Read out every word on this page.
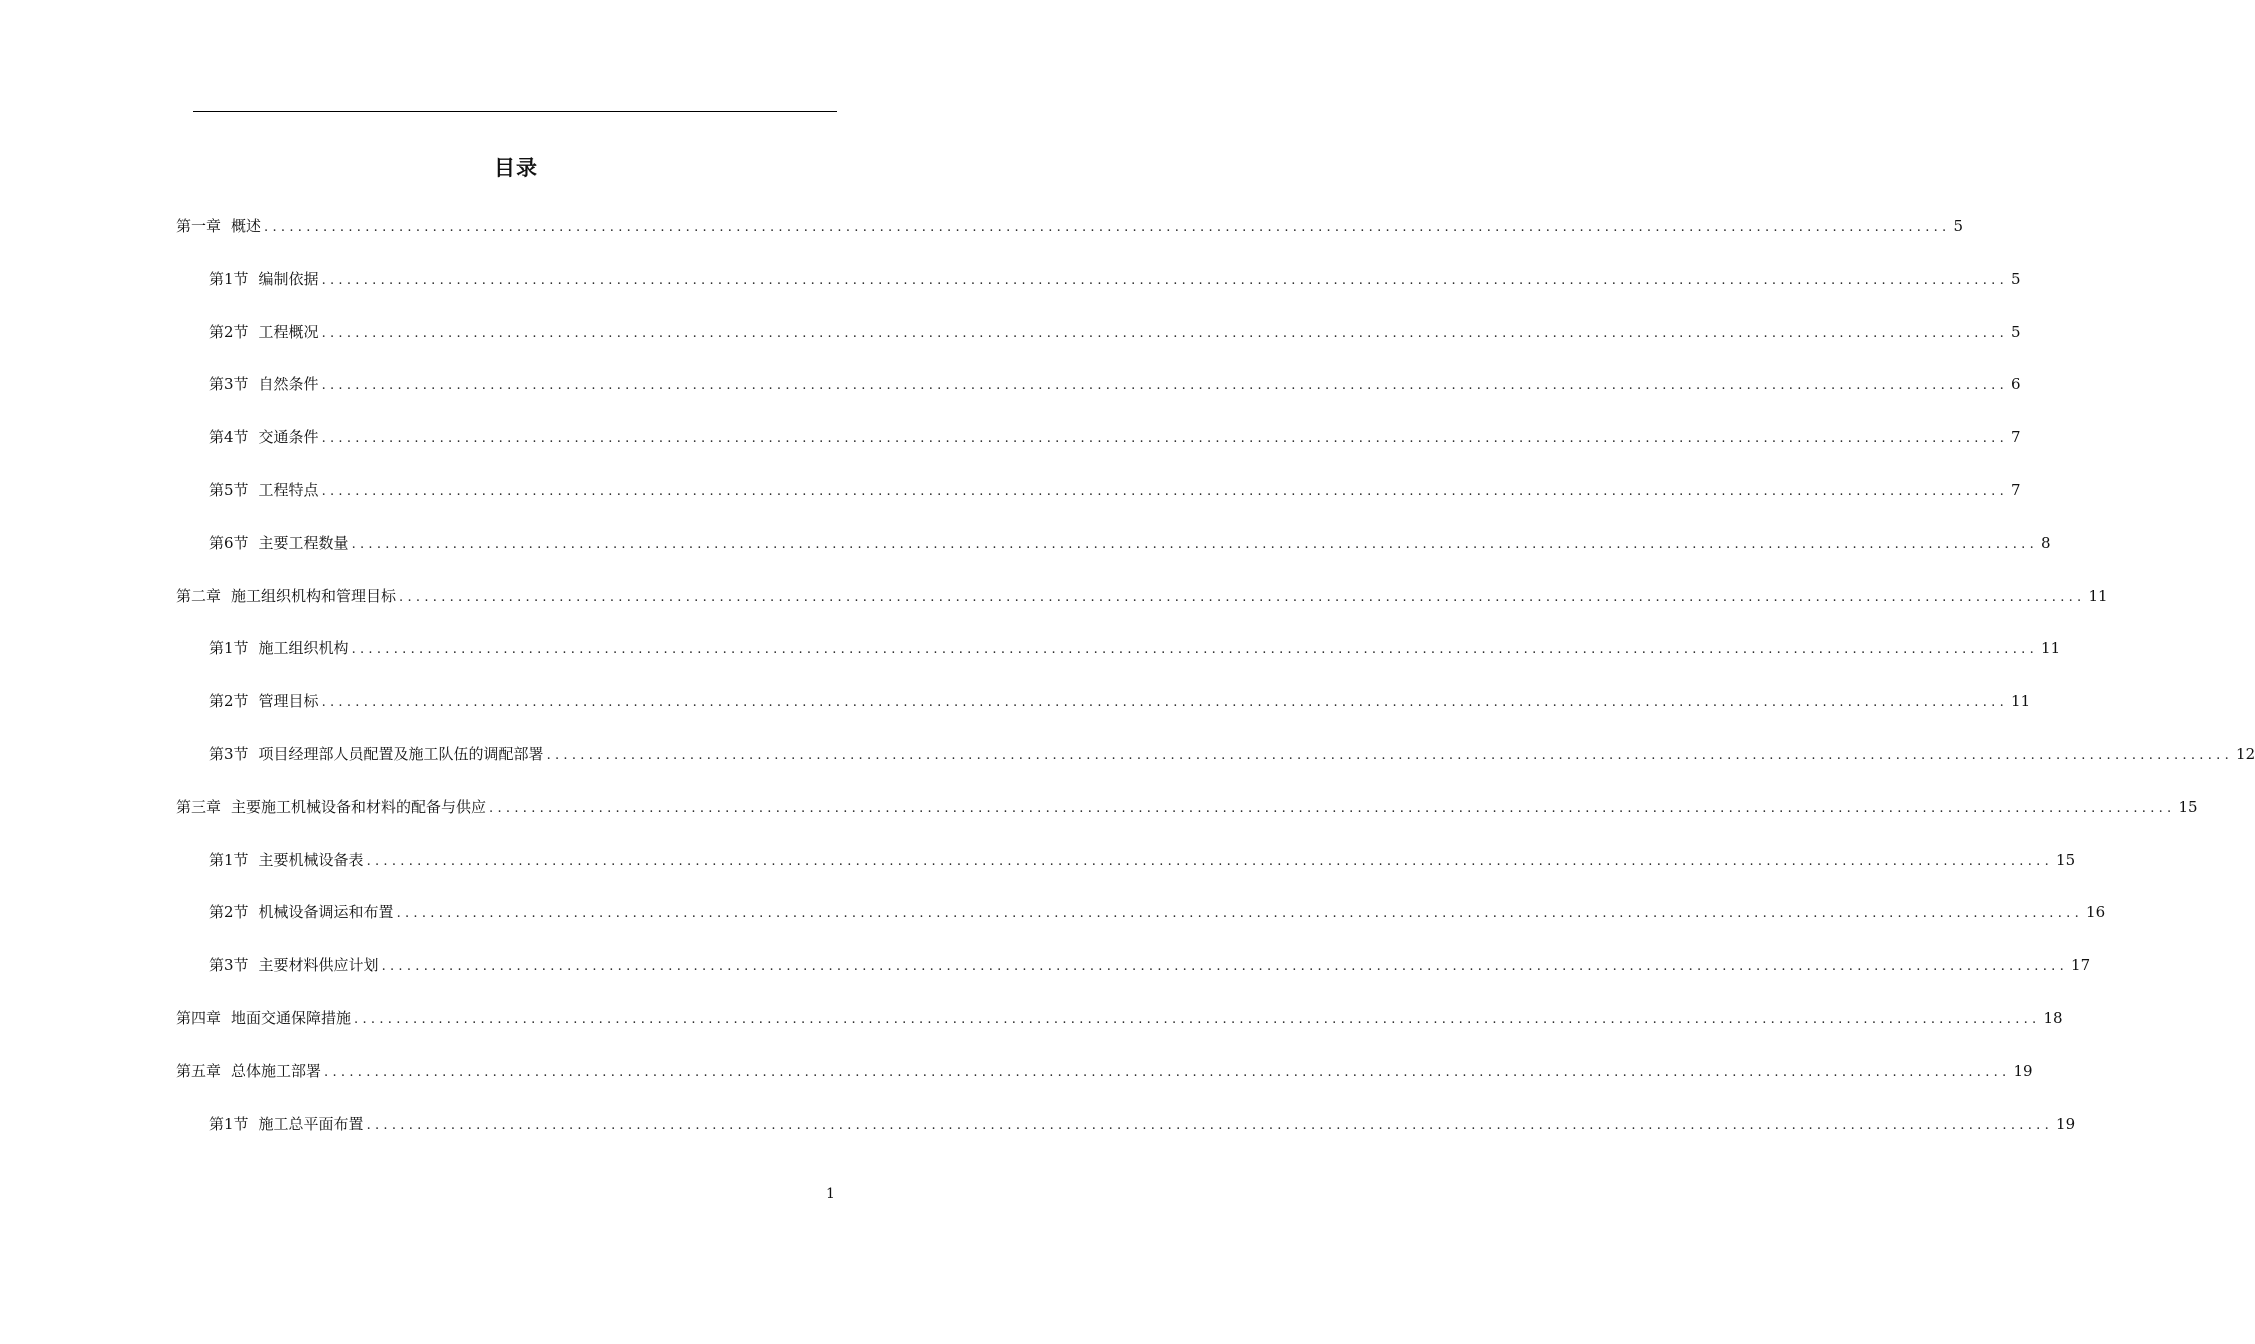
目录
第一章 概述 ........................................................................................................................................................................................................ 5
第1节 编制依据 ........................................................................................................................................................................................................ 5
第2节 工程概况 ........................................................................................................................................................................................................ 5
第3节 自然条件 ........................................................................................................................................................................................................ 6
第4节 交通条件 ........................................................................................................................................................................................................ 7
第5节 工程特点 ........................................................................................................................................................................................................ 7
第6节 主要工程数量 ........................................................................................................................................................................................................ 8
第二章 施工组织机构和管理目标 ........................................................................................................................................................................................................ 11
第1节 施工组织机构 ........................................................................................................................................................................................................ 11
第2节 管理目标 ........................................................................................................................................................................................................ 11
第3节 项目经理部人员配置及施工队伍的调配部署 ........................................................................................................................................................................................................ 12
第三章 主要施工机械设备和材料的配备与供应 ........................................................................................................................................................................................................ 15
第1节 主要机械设备表 ........................................................................................................................................................................................................ 15
第2节 机械设备调运和布置 ........................................................................................................................................................................................................ 16
第3节 主要材料供应计划 ........................................................................................................................................................................................................ 17
第四章 地面交通保障措施 ........................................................................................................................................................................................................ 18
第五章 总体施工部署 ........................................................................................................................................................................................................ 19
第1节 施工总平面布置 ........................................................................................................................................................................................................ 19
1
